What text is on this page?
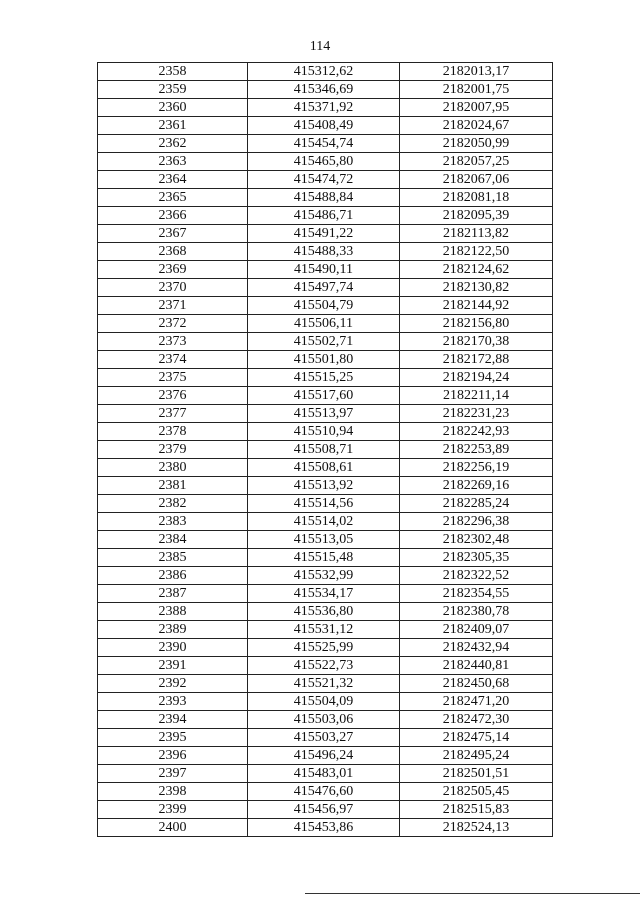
114
2358	415312,62	2182013,17
2359	415346,69	2182001,75
2360	415371,92	2182007,95
2361	415408,49	2182024,67
2362	415454,74	2182050,99
2363	415465,80	2182057,25
2364	415474,72	2182067,06
2365	415488,84	2182081,18
2366	415486,71	2182095,39
2367	415491,22	2182113,82
2368	415488,33	2182122,50
2369	415490,11	2182124,62
2370	415497,74	2182130,82
2371	415504,79	2182144,92
2372	415506,11	2182156,80
2373	415502,71	2182170,38
2374	415501,80	2182172,88
2375	415515,25	2182194,24
2376	415517,60	2182211,14
2377	415513,97	2182231,23
2378	415510,94	2182242,93
2379	415508,71	2182253,89
2380	415508,61	2182256,19
2381	415513,92	2182269,16
2382	415514,56	2182285,24
2383	415514,02	2182296,38
2384	415513,05	2182302,48
2385	415515,48	2182305,35
2386	415532,99	2182322,52
2387	415534,17	2182354,55
2388	415536,80	2182380,78
2389	415531,12	2182409,07
2390	415525,99	2182432,94
2391	415522,73	2182440,81
2392	415521,32	2182450,68
2393	415504,09	2182471,20
2394	415503,06	2182472,30
2395	415503,27	2182475,14
2396	415496,24	2182495,24
2397	415483,01	2182501,51
2398	415476,60	2182505,45
2399	415456,97	2182515,83
2400	415453,86	2182524,13
